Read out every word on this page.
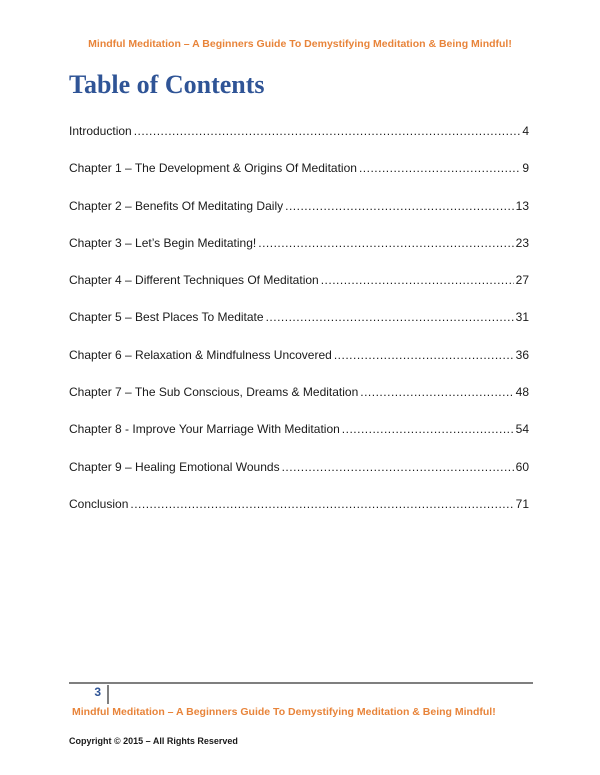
Mindful Meditation – A Beginners Guide To Demystifying Meditation & Being Mindful!
Table of Contents
Introduction .....	4
Chapter 1 – The Development & Origins Of Meditation .....	9
Chapter 2 – Benefits Of Meditating Daily .....	13
Chapter 3 – Let’s Begin Meditating! .....	23
Chapter 4 – Different Techniques Of Meditation .....	27
Chapter 5 – Best Places To Meditate .....	31
Chapter 6 – Relaxation & Mindfulness Uncovered .....	36
Chapter 7 – The Sub Conscious, Dreams & Meditation .....	48
Chapter 8 - Improve Your Marriage With Meditation .....	54
Chapter 9 – Healing Emotional Wounds .....	60
Conclusion .....	71
3
Mindful Meditation – A Beginners Guide To Demystifying Meditation & Being Mindful!
Copyright © 2015 – All Rights Reserved
